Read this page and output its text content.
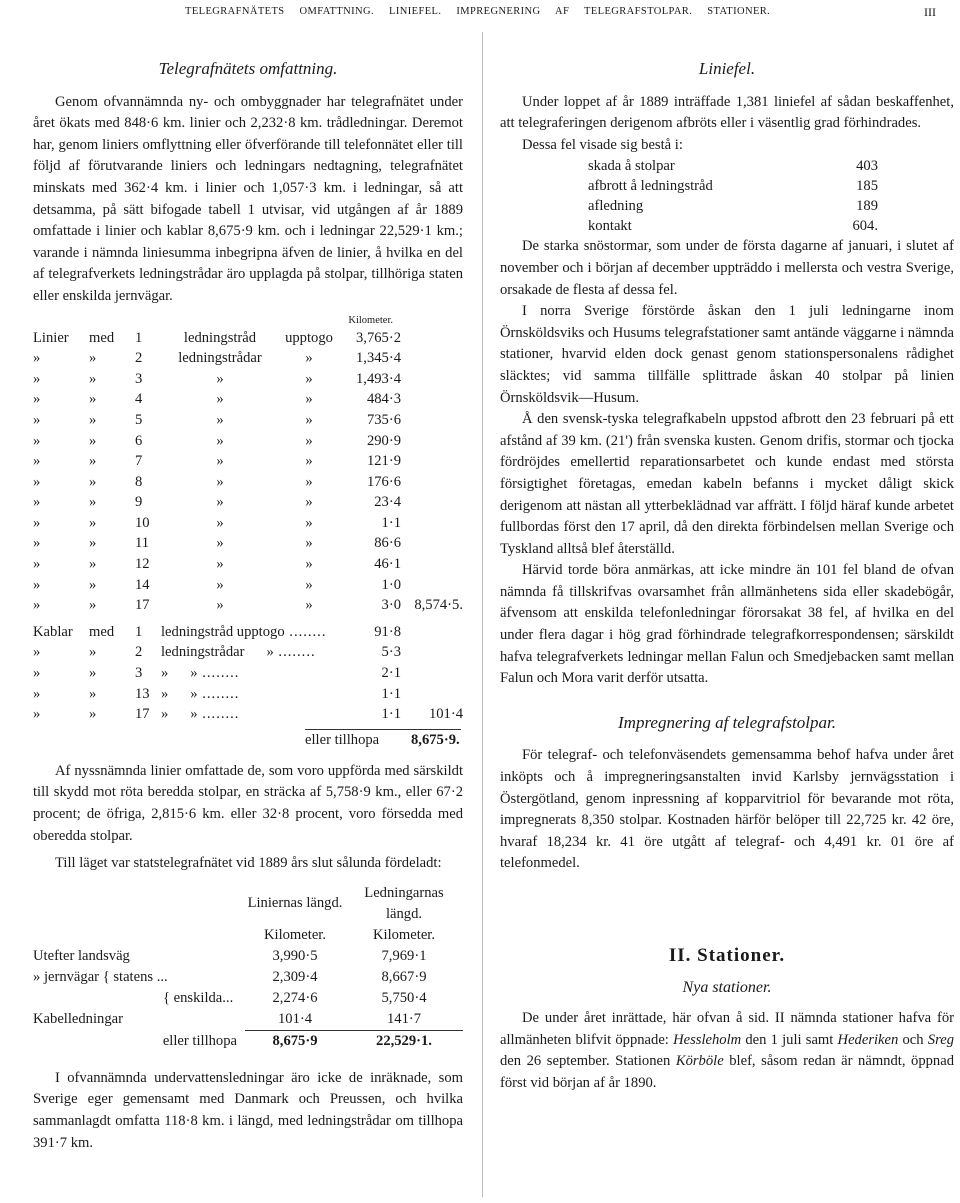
TELEGRAFNÄTETS OMFATTNING. LINIEFEL. IMPREGNERING AF TELEGRAFSTOLPAR. STATIONER.	III
Telegrafnätets omfattning.

Genom ofvannämnda ny- och ombyggnader har telegrafnätet under året ökats med 848·6 km. linier och 2,232·8 km. trådledningar. Deremot har, genom liniers omflyttning eller öfverförande till telefonnätet eller till följd af förutvarande liniers och ledningars nedtagning, telegrafnätet minskats med 362·4 km. i linier och 1,057·3 km. i ledningar, så att detsamma, på sätt bifogade tabell 1 utvisar, vid utgången af år 1889 omfattade i linier och kablar 8,675·9 km. och i ledningar 22,529·1 km.; varande i nämnda liniesumma inbegripna äfven de linier, å hvilka en del af telegrafverkets ledningstrådar äro upplagda på stolpar, tillhöriga staten eller enskilda jernvägar.

Kilometer.
Linier	med	1	ledningstråd	upptogo	3,765·2	
»	»	2	ledningstrådar	»	1,345·4	
»	»	3	»	»	1,493·4	
»	»	4	»	»	484·3	
»	»	5	»	»	735·6	
»	»	6	»	»	290·9	
»	»	7	»	»	121·9	
»	»	8	»	»	176·6	
»	»	9	»	»	23·4	
»	»	10	»	»	1·1	
»	»	11	»	»	86·6	
»	»	12	»	»	46·1	
»	»	14	»	»	1·0	
»	»	17	»	»	3·0	8,574·5.
Kablar	med	1	ledningstråd upptogo ........	91·8	
»	»	2	ledningstrådar » ........	5·3	
»	»	3	» » ........	2·1	
»	»	13	» » ........	1·1	
»	»	17	» » ........	1·1	101·4
eller tillhopa 8,675·9.

Af nyssnämnda linier omfattade de, som voro uppförda med särskildt till skydd mot röta beredda stolpar, en sträcka af 5,758·9 km., eller 67·2 procent; de öfriga, 2,815·6 km. eller 32·8 procent, voro försedda med oberedda stolpar.

Till läget var statstelegrafnätet vid 1889 års slut sålunda fördeladt:

	Liniernas längd.	Ledningarnas längd.
	Kilometer.	Kilometer.
Utefter landsväg	3,990·5	7,969·1
» jernvägar { statens ...	2,309·4	8,667·9
{ enskilda...	2,274·6	5,750·4
Kabelledningar	101·4	141·7
eller tillhopa	8,675·9	22,529·1.

I ofvannämnda undervattensledningar äro icke de inräknade, som Sverige eger gemensamt med Danmark och Preussen, och hvilka sammanlagdt omfatta 118·8 km. i längd, med ledningstrådar om tillhopa 391·7 km.

Liniefel.

Under loppet af år 1889 inträffade 1,381 liniefel af sådan beskaffenhet, att telegraferingen derigenom afbröts eller i väsentlig grad förhindrades.

Dessa fel visade sig bestå i:

skada å stolpar	403
afbrott å ledningstråd	185
afledning	189
kontakt	604.

De starka snöstormar, som under de första dagarne af januari, i slutet af november och i början af december uppträddo i mellersta och vestra Sverige, orsakade de flesta af dessa fel.

I norra Sverige förstörde åskan den 1 juli ledningarne inom Örnsköldsviks och Husums telegrafstationer samt antände väggarne i nämnda stationer, hvarvid elden dock genast genom stationspersonalens rådighet släcktes; vid samma tillfälle splittrade åskan 40 stolpar på linien Örnsköldsvik—Husum.

Å den svensk-tyska telegrafkabeln uppstod afbrott den 23 februari på ett afstånd af 39 km. (21') från svenska kusten. Genom drifis, stormar och tjocka fördröjdes emellertid reparationsarbetet och kunde endast med största försigtighet företagas, emedan kabeln befanns i mycket dåligt skick derigenom att nästan all ytterbeklädnad var affrätt. I följd häraf kunde arbetet fullbordas först den 17 april, då den direkta förbindelsen mellan Sverige och Tyskland alltså blef återställd.

Härvid torde böra anmärkas, att icke mindre än 101 fel bland de ofvan nämnda få tillskrifvas ovarsamhet från allmänhetens sida eller skadebögår, äfvensom att enskilda telefonledningar förorsakat 38 fel, af hvilka en del under flera dagar i hög grad förhindrade telegrafkorrespondensen; särskildt hafva telegrafverkets ledningar mellan Falun och Smedjebacken samt mellan Falun och Mora varit derför utsatta.

Impregnering af telegrafstolpar.

För telegraf- och telefonväsendets gemensamma behof hafva under året inköpts och å impregneringsanstalten invid Karlsby jernvägsstation i Östergötland, genom inpressning af kopparvitriol för bevarande mot röta, impregnerats 8,350 stolpar. Kostnaden härför belöper till 22,725 kr. 42 öre, hvaraf 18,234 kr. 41 öre utgått af telegraf- och 4,491 kr. 01 öre af telefonmedel.

II. Stationer.
Nya stationer.

De under året inrättade, här ofvan å sid. II nämnda stationer hafva för allmänheten blifvit öppnade: Hessleholm den 1 juli samt Hederiken och Sreg den 26 september. Stationen Körböle blef, såsom redan är nämndt, öppnad först vid början af år 1890.
